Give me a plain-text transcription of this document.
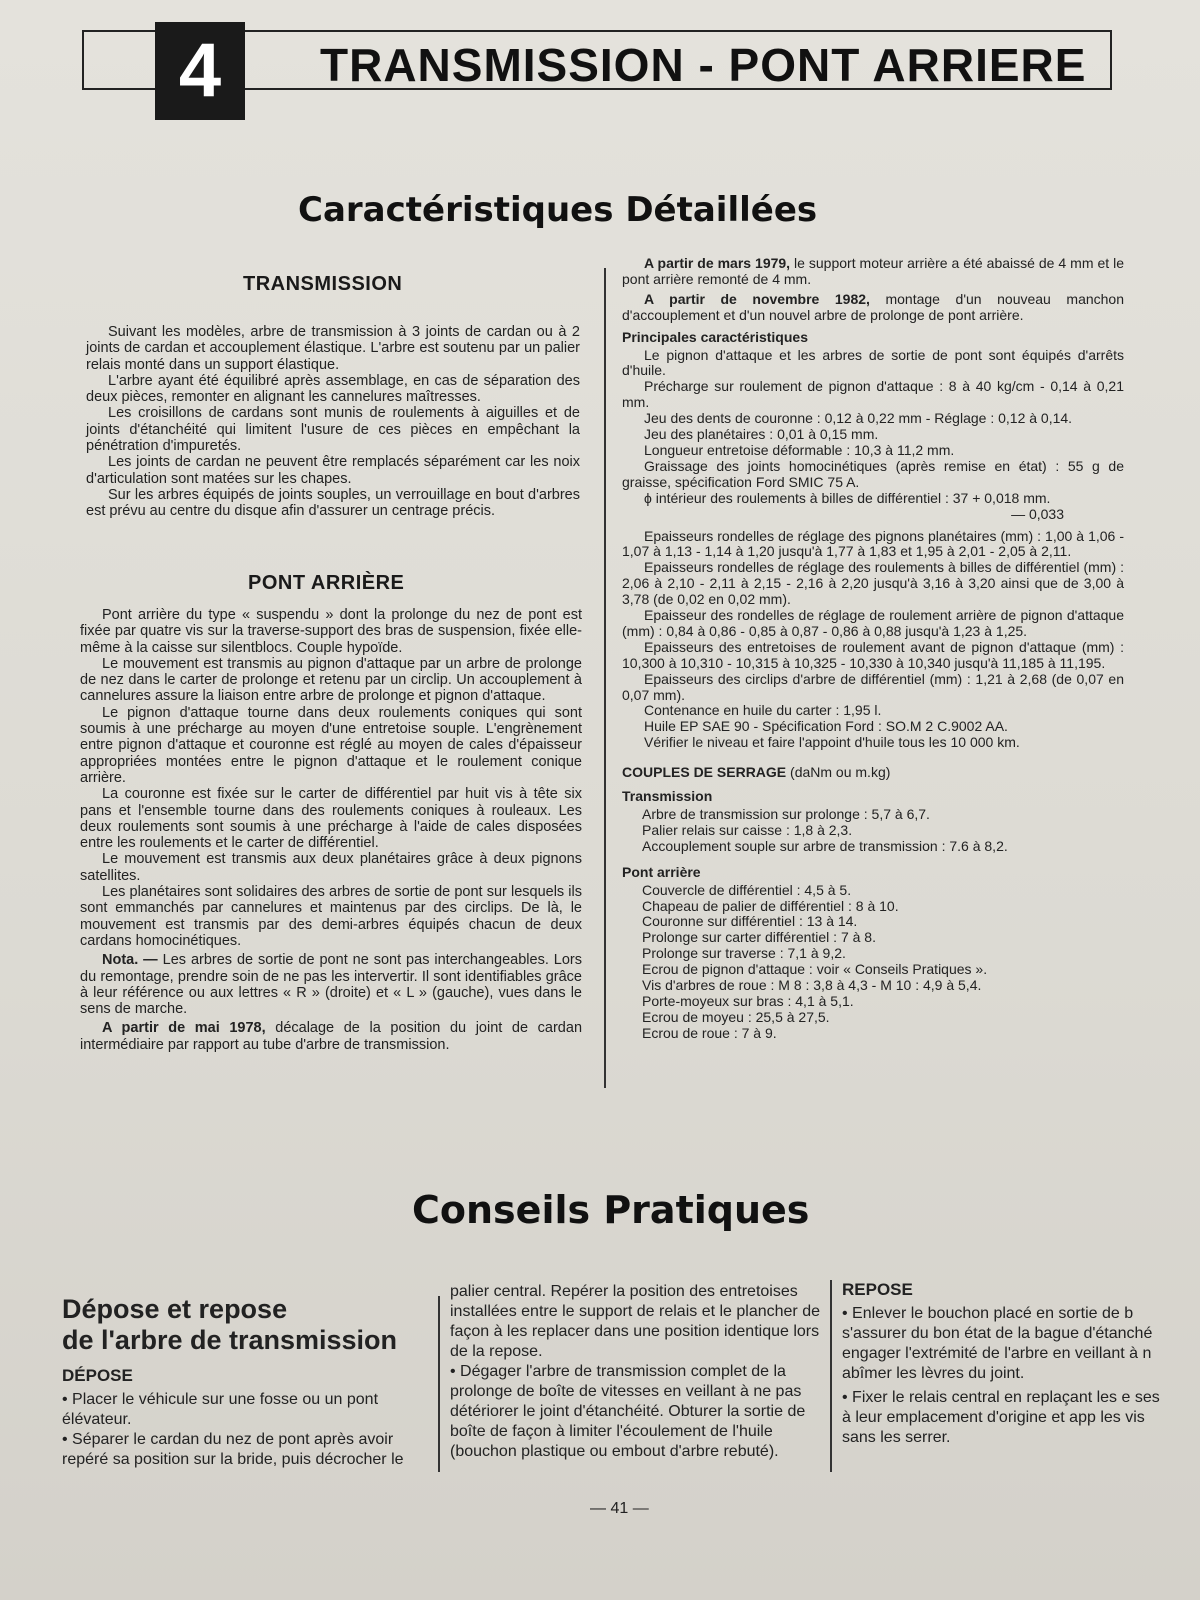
4	TRANSMISSION - PONT ARRIERE
Caractéristiques Détaillées
TRANSMISSION

Suivant les modèles, arbre de transmission à 3 joints de cardan ou à 2 joints de cardan et accouplement élastique. L'arbre est soutenu par un palier relais monté dans un support élastique.

L'arbre ayant été équilibré après assemblage, en cas de séparation des deux pièces, remonter en alignant les cannelures maîtresses.

Les croisillons de cardans sont munis de roulements à aiguilles et de joints d'étanchéité qui limitent l'usure de ces pièces en empêchant la pénétration d'impuretés.

Les joints de cardan ne peuvent être remplacés séparément car les noix d'articulation sont matées sur les chapes.

Sur les arbres équipés de joints souples, un verrouillage en bout d'arbres est prévu au centre du disque afin d'assurer un centrage précis.

PONT ARRIÈRE

Pont arrière du type « suspendu » dont la prolonge du nez de pont est fixée par quatre vis sur la traverse-support des bras de suspension, fixée elle-même à la caisse sur silentblocs. Couple hypoïde.

Le mouvement est transmis au pignon d'attaque par un arbre de prolonge de nez dans le carter de prolonge et retenu par un circlip. Un accouplement à cannelures assure la liaison entre arbre de prolonge et pignon d'attaque.

Le pignon d'attaque tourne dans deux roulements coniques qui sont soumis à une précharge au moyen d'une entretoise souple. L'engrènement entre pignon d'attaque et couronne est réglé au moyen de cales d'épaisseur appropriées montées entre le pignon d'attaque et le roulement conique arrière.

La couronne est fixée sur le carter de différentiel par huit vis à tête six pans et l'ensemble tourne dans des roulements coniques à rouleaux. Les deux roulements sont soumis à une précharge à l'aide de cales disposées entre les roulements et le carter de différentiel.

Le mouvement est transmis aux deux planétaires grâce à deux pignons satellites.

Les planétaires sont solidaires des arbres de sortie de pont sur lesquels ils sont emmanchés par cannelures et maintenus par des circlips. De là, le mouvement est transmis par des demi-arbres équipés chacun de deux cardans homocinétiques.

Nota. — Les arbres de sortie de pont ne sont pas interchangeables. Lors du remontage, prendre soin de ne pas les intervertir. Il sont identifiables grâce à leur référence ou aux lettres « R » (droite) et « L » (gauche), vues dans le sens de marche.

A partir de mai 1978, décalage de la position du joint de cardan intermédiaire par rapport au tube d'arbre de transmission.

A partir de mars 1979, le support moteur arrière a été abaissé de 4 mm et le pont arrière remonté de 4 mm.

A partir de novembre 1982, montage d'un nouveau manchon d'accouplement et d'un nouvel arbre de prolonge de pont arrière.

Principales caractéristiques

Le pignon d'attaque et les arbres de sortie de pont sont équipés d'arrêts d'huile.

Précharge sur roulement de pignon d'attaque : 8 à 40 kg/cm - 0,14 à 0,21 mm.

Jeu des dents de couronne : 0,12 à 0,22 mm - Réglage : 0,12 à 0,14.

Jeu des planétaires : 0,01 à 0,15 mm.

Longueur entretoise déformable : 10,3 à 11,2 mm.

Graissage des joints homocinétiques (après remise en état) : 55 g de graisse, spécification Ford SMIC 75 A.

ϕ intérieur des roulements à billes de différentiel : 37 + 0,018 mm.

— 0,033

Epaisseurs rondelles de réglage des pignons planétaires (mm) : 1,00 à 1,06 - 1,07 à 1,13 - 1,14 à 1,20 jusqu'à 1,77 à 1,83 et 1,95 à 2,01 - 2,05 à 2,11.

Epaisseurs rondelles de réglage des roulements à billes de différentiel (mm) : 2,06 à 2,10 - 2,11 à 2,15 - 2,16 à 2,20 jusqu'à 3,16 à 3,20 ainsi que de 3,00 à 3,78 (de 0,02 en 0,02 mm).

Epaisseur des rondelles de réglage de roulement arrière de pignon d'attaque (mm) : 0,84 à 0,86 - 0,85 à 0,87 - 0,86 à 0,88 jusqu'à 1,23 à 1,25.

Epaisseurs des entretoises de roulement avant de pignon d'attaque (mm) : 10,300 à 10,310 - 10,315 à 10,325 - 10,330 à 10,340 jusqu'à 11,185 à 11,195.

Epaisseurs des circlips d'arbre de différentiel (mm) : 1,21 à 2,68 (de 0,07 en 0,07 mm).

Contenance en huile du carter : 1,95 l.

Huile EP SAE 90 - Spécification Ford : SO.M 2 C.9002 AA.

Vérifier le niveau et faire l'appoint d'huile tous les 10 000 km.

COUPLES DE SERRAGE (daNm ou m.kg)
Transmission
Arbre de transmission sur prolonge : 5,7 à 6,7.
Palier relais sur caisse : 1,8 à 2,3.
Accouplement souple sur arbre de transmission : 7.6 à 8,2.
Pont arrière
Couvercle de différentiel : 4,5 à 5.
Chapeau de palier de différentiel : 8 à 10.
Couronne sur différentiel : 13 à 14.
Prolonge sur carter différentiel : 7 à 8.
Prolonge sur traverse : 7,1 à 9,2.
Ecrou de pignon d'attaque : voir « Conseils Pratiques ».
Vis d'arbres de roue : M 8 : 3,8 à 4,3 - M 10 : 4,9 à 5,4.
Porte-moyeux sur bras : 4,1 à 5,1.
Ecrou de moyeu : 25,5 à 27,5.
Ecrou de roue : 7 à 9.
Conseils Pratiques
Dépose et repose
de l'arbre de transmission
DÉPOSE

• Placer le véhicule sur une fosse ou un pont élévateur.

• Séparer le cardan du nez de pont après avoir repéré sa position sur la bride, puis décrocher le

palier central. Repérer la position des entretoises installées entre le support de relais et le plancher de façon à les replacer dans une position identique lors de la repose.

• Dégager l'arbre de transmission complet de la prolonge de boîte de vitesses en veillant à ne pas détériorer le joint d'étanchéité. Obturer la sortie de boîte de façon à limiter l'écoulement de l'huile (bouchon plastique ou embout d'arbre rebuté).

REPOSE

• Enlever le bouchon placé en sortie de b s'assurer du bon état de la bague d'étanché engager l'extrémité de l'arbre en veillant à n abîmer les lèvres du joint.

• Fixer le relais central en replaçant les e ses à leur emplacement d'origine et app les vis sans les serrer.

— 41 —
